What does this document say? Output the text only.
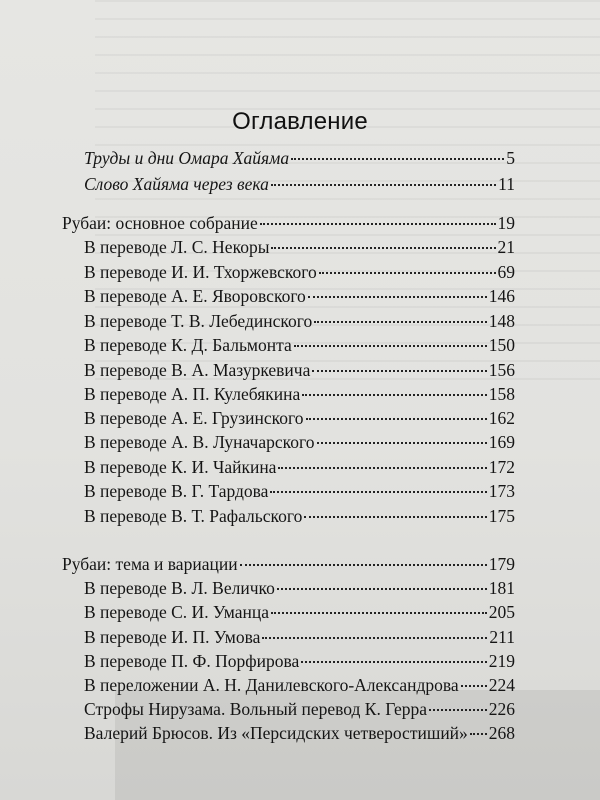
Оглавление
Труды и дни Омара Хайяма	5
Слово Хайяма через века	11
Рубаи: основное собрание	19
В переводе Л. С. Некоры	21
В переводе И. И. Тхоржевского	69
В переводе А. Е. Яворовского	146
В переводе Т. В. Лебединского	148
В переводе К. Д. Бальмонта	150
В переводе В. А. Мазуркевича	156
В переводе А. П. Кулебякина	158
В переводе А. Е. Грузинского	162
В переводе А. В. Луначарского	169
В переводе К. И. Чайкина	172
В переводе В. Г. Тардова	173
В переводе В. Т. Рафальского	175
Рубаи: тема и вариации	179
В переводе В. Л. Величко	181
В переводе С. И. Уманца	205
В переводе И. П. Умова	211
В переводе П. Ф. Порфирова	219
В переложении А. Н. Данилевского-Александрова 224
Строфы Нирузама. Вольный перевод К. Герра	226
Валерий Брюсов. Из «Персидских четверостиший» 268
